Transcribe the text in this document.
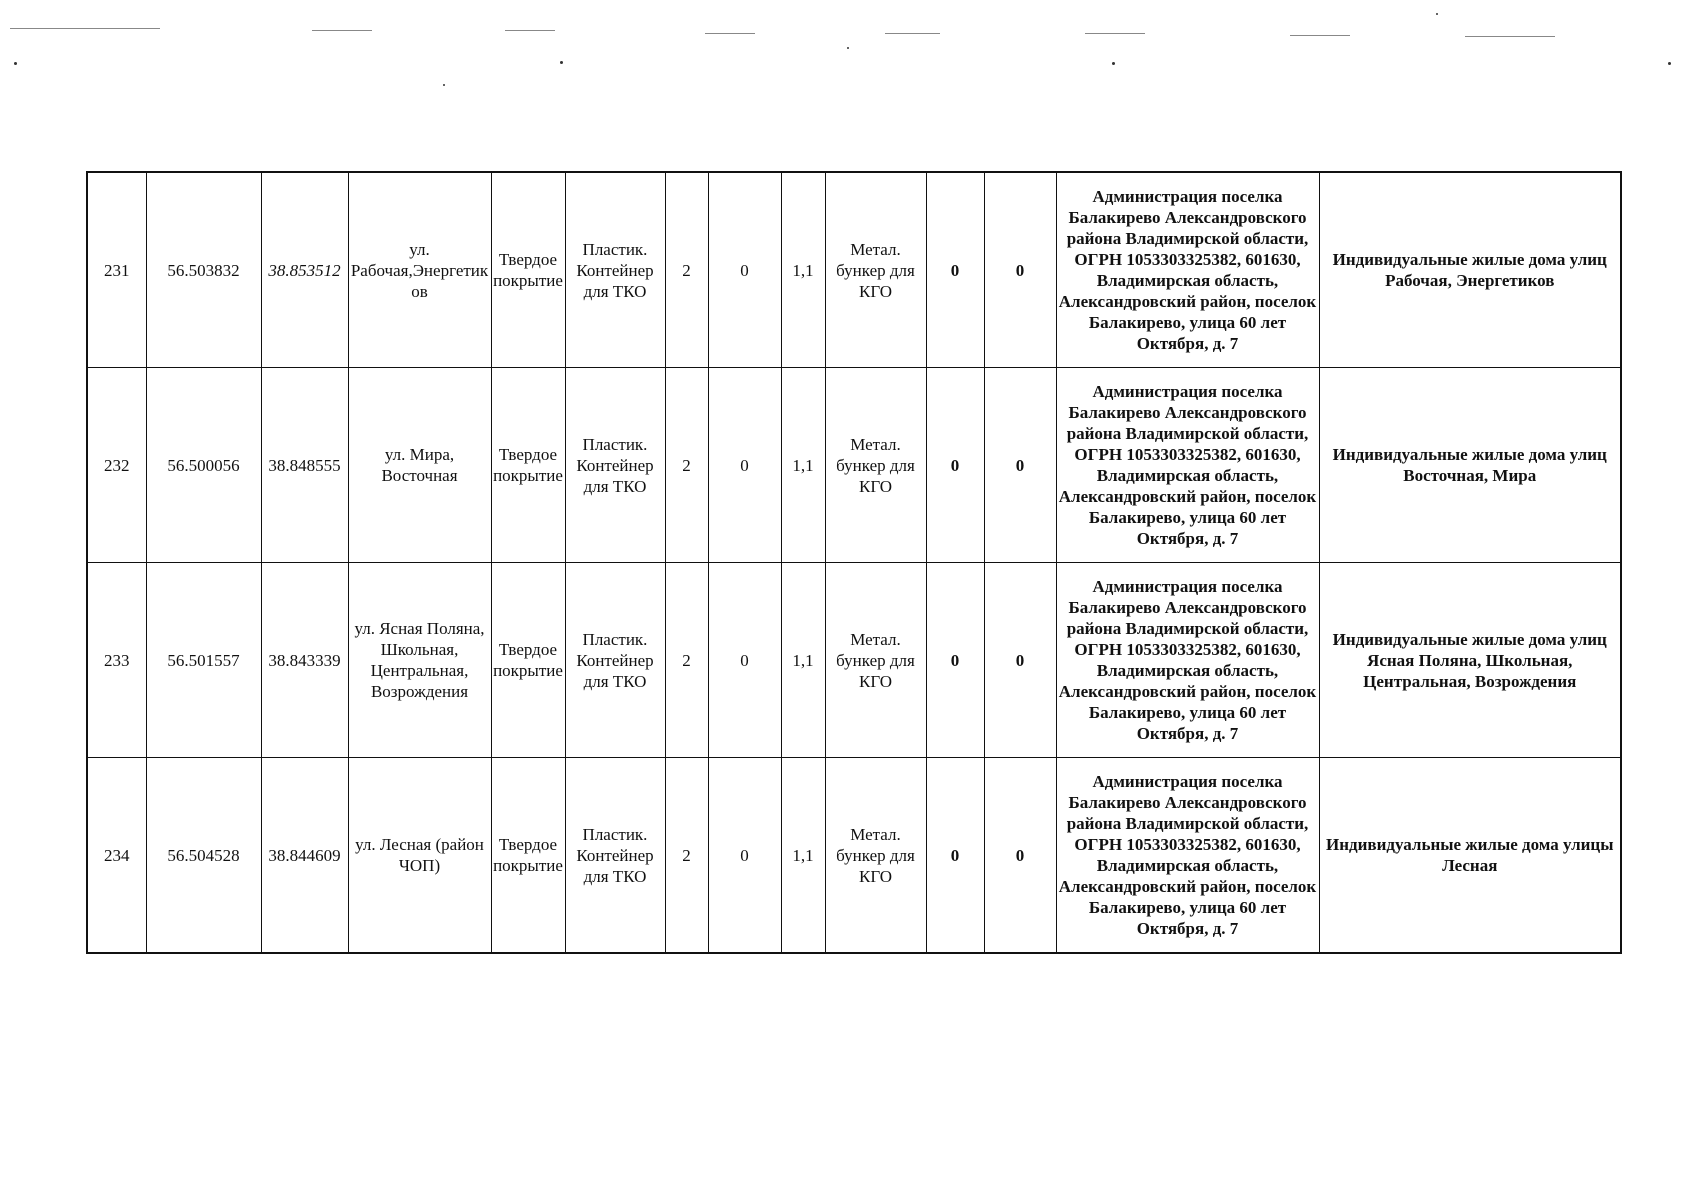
231	56.503832	38.853512	ул. Рабочая,Энергетиков	Твердое покрытие	Пластик. Контейнер для ТКО	2	0	1,1	Метал. бункер для КГО	0	0	Администрация поселка Балакирево Александровского района Владимирской области, ОГРН 1053303325382, 601630, Владимирская область, Александровский район, поселок Балакирево, улица 60 лет Октября, д. 7	Индивидуальные жилые дома улиц Рабочая, Энергетиков
232	56.500056	38.848555	ул. Мира, Восточная	Твердое покрытие	Пластик. Контейнер для ТКО	2	0	1,1	Метал. бункер для КГО	0	0	Администрация поселка Балакирево Александровского района Владимирской области, ОГРН 1053303325382, 601630, Владимирская область, Александровский район, поселок Балакирево, улица 60 лет Октября, д. 7	Индивидуальные жилые дома улиц Восточная, Мира
233	56.501557	38.843339	ул. Ясная Поляна, Школьная, Центральная, Возрождения	Твердое покрытие	Пластик. Контейнер для ТКО	2	0	1,1	Метал. бункер для КГО	0	0	Администрация поселка Балакирево Александровского района Владимирской области, ОГРН 1053303325382, 601630, Владимирская область, Александровский район, поселок Балакирево, улица 60 лет Октября, д. 7	Индивидуальные жилые дома улиц Ясная Поляна, Школьная, Центральная, Возрождения
234	56.504528	38.844609	ул. Лесная (район ЧОП)	Твердое покрытие	Пластик. Контейнер для ТКО	2	0	1,1	Метал. бункер для КГО	0	0	Администрация поселка Балакирево Александровского района Владимирской области, ОГРН 1053303325382, 601630, Владимирская область, Александровский район, поселок Балакирево, улица 60 лет Октября, д. 7	Индивидуальные жилые дома улицы Лесная
